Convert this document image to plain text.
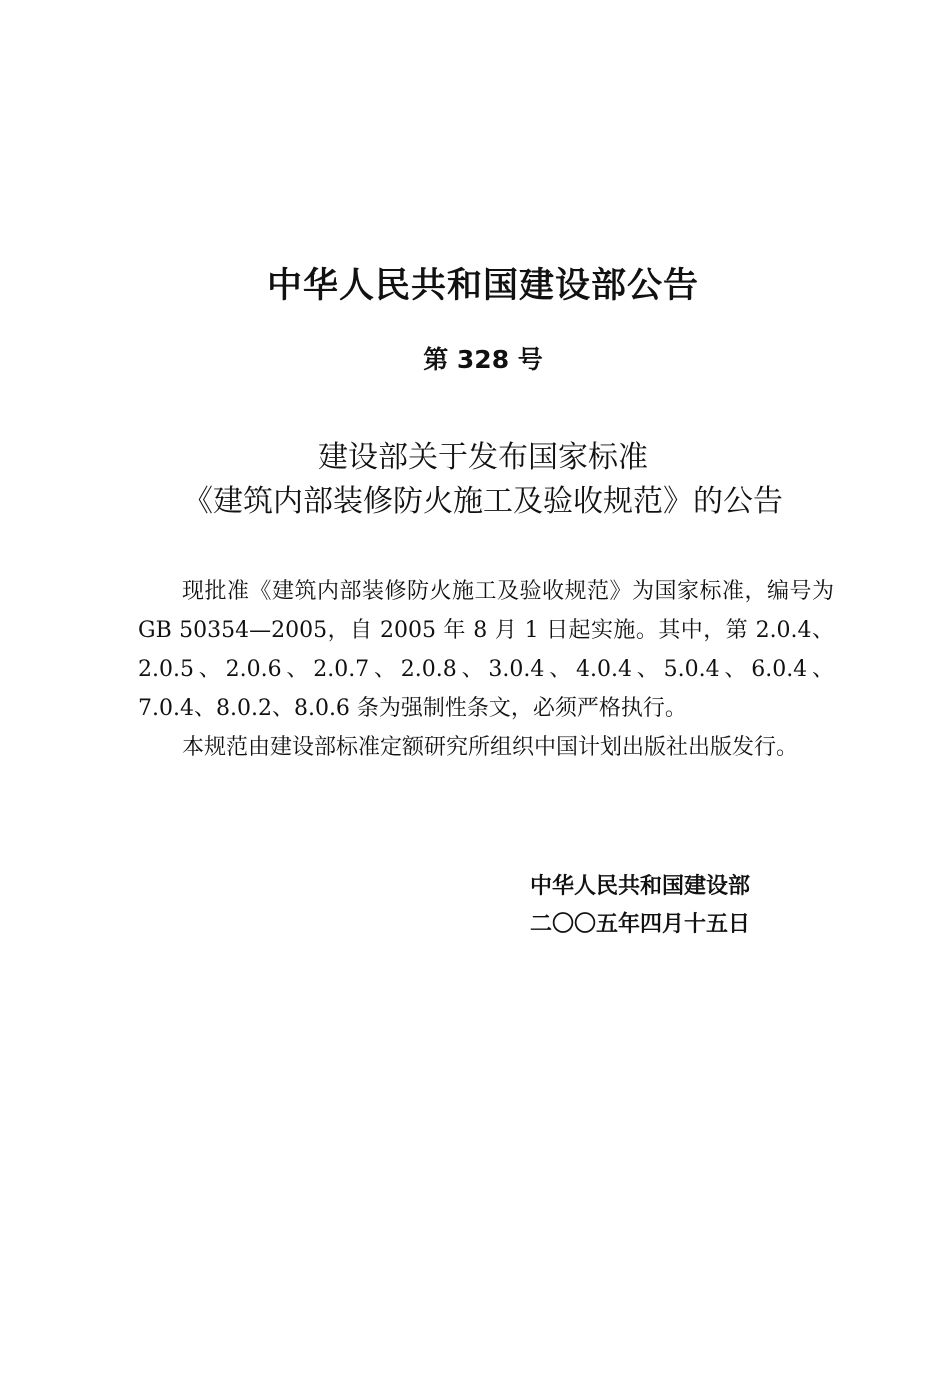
中华人民共和国建设部公告
第 328 号
建设部关于发布国家标准
《建筑内部装修防火施工及验收规范》的公告

现批准《建筑内部装修防火施工及验收规范》为国家标准，编号为 GB 50354—2005，自 2005 年 8 月 1 日起实施。其中，第 2.0.4、2.0.5、2.0.6、2.0.7、2.0.8、3.0.4、4.0.4、5.0.4、6.0.4、7.0.4、8.0.2、8.0.6 条为强制性条文，必须严格执行。

本规范由建设部标准定额研究所组织中国计划出版社出版发行。

中华人民共和国建设部
二〇〇五年四月十五日
